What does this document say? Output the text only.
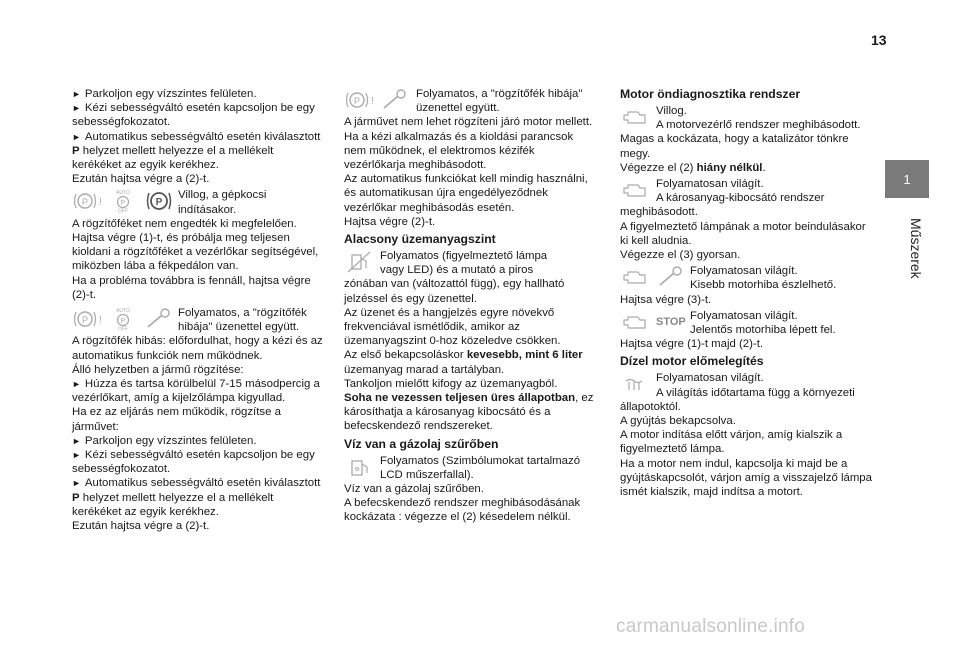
13
1
Műszerek

► Parkoljon egy vízszintes felületen.

► Kézi sebességváltó esetén kapcsoljon be egy sebességfokozatot.

► Automatikus sebességváltó esetén kiválasztott P helyzet mellett helyezze el a mellékelt kerékéket az egyik kerékhez.

Ezután hajtsa végre a (2)-t.

P !
AUTO
P
OFF
P

Villog, a gépkocsi

indításakor.

A rögzítőféket nem engedték ki megfelelően. Hajtsa végre (1)-t, és próbálja meg teljesen kioldani a rögzítőféket a vezérlőkar segítségével, miközben lába a fékpedálon van.

Ha a probléma továbbra is fennáll, hajtsa végre (2)-t.

P !
AUTO
P
OFF

Folyamatos, a "rögzítőfék

hibája" üzenettel együtt.

A rögzítőfék hibás: előfordulhat, hogy a kézi és az automatikus funkciók nem működnek.

Álló helyzetben a jármű rögzítése:

► Húzza és tartsa körülbelül 7-15 másodpercig a vezérlőkart, amíg a kijelzőlámpa kigyullad.

Ha ez az eljárás nem működik, rögzítse a járművet:

► Parkoljon egy vízszintes felületen.

► Kézi sebességváltó esetén kapcsoljon be egy sebességfokozatot.

► Automatikus sebességváltó esetén kiválasztott P helyzet mellett helyezze el a mellékelt kerékéket az egyik kerékhez.

Ezután hajtsa végre a (2)-t.

P !

Folyamatos, a "rögzítőfék hibája"

üzenettel együtt.

A járművet nem lehet rögzíteni járó motor mellett.

Ha a kézi alkalmazás és a kioldási parancsok nem működnek, el elektromos kézifék vezérlőkarja meghibásodott.

Az automatikus funkciókat kell mindig használni, és automatikusan újra engedélyeződnek vezérlőkar meghibásodás esetén.

Hajtsa végre (2)-t.

Alacsony üzemanyagszint

Folyamatos (figyelmeztető lámpa

vagy LED) és a mutató a piros

zónában van (változattól függ), egy hallható jelzéssel és egy üzenettel.

Az üzenet és a hangjelzés egyre növekvő frekvenciával ismétlődik, amikor az üzemanyagszint 0-hoz közeledve csökken.

Az első bekapcsoláskor kevesebb, mint 6 liter üzemanyag marad a tartályban.

Tankoljon mielőtt kifogy az üzemanyagból.

Soha ne vezessen teljesen üres állapotban, ez károsíthatja a károsanyag kibocsátó és a befecskendező rendszereket.

Víz van a gázolaj szűrőben

Folyamatos (Szimbólumokat tartalmazó

LCD műszerfallal).

Víz van a gázolaj szűrőben.

A befecskendező rendszer meghibásodásának kockázata : végezze el (2) késedelem nélkül.

Motor öndiagnosztika rendszer

Villog.

A motorvezérlő rendszer meghibásodott.

Magas a kockázata, hogy a katalizátor tönkre megy.

Végezze el (2) hiány nélkül.

Folyamatosan világít.

A károsanyag-kibocsátó rendszer

meghibásodott.

A figyelmeztető lámpának a motor beindulásakor ki kell aludnia.

Végezze el (3) gyorsan.

Folyamatosan világít.

Kisebb motorhiba észlelhető.

Hajtsa végre (3)-t.

STOP Folyamatosan világít.

Jelentős motorhiba lépett fel.

Hajtsa végre (1)-t majd (2)-t.

Dízel motor előmelegítés

Folyamatosan világít.

A világítás időtartama függ a környezeti

állapotoktól.

A gyújtás bekapcsolva.

A motor indítása előtt várjon, amíg kialszik a figyelmeztető lámpa.

Ha a motor nem indul, kapcsolja ki majd be a gyújtáskapcsolót, várjon amíg a visszajelző lámpa ismét kialszik, majd indítsa a motort.

carmanualsonline.info
